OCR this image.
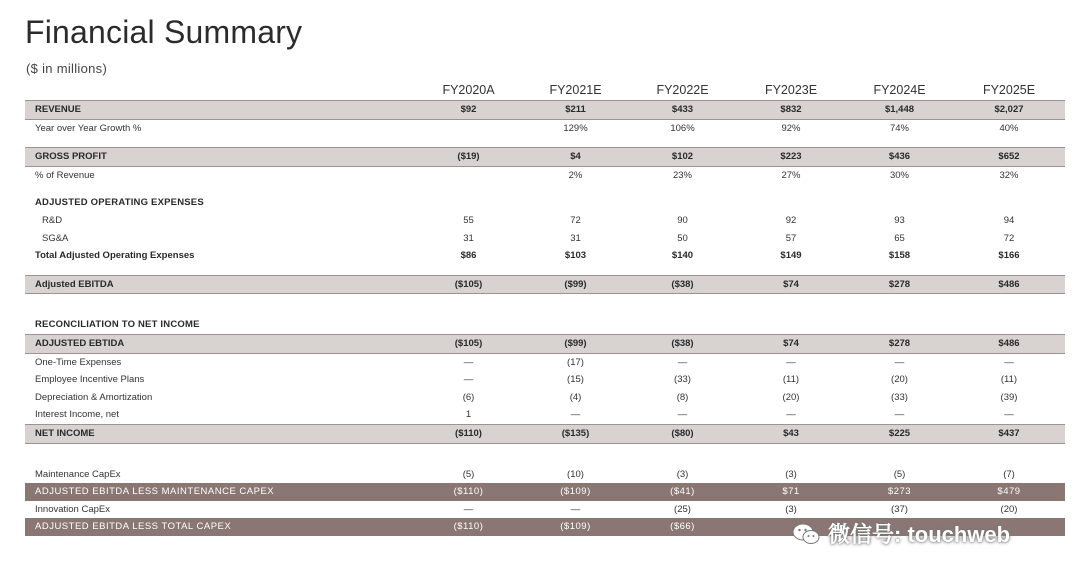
Financial Summary
($ in millions)
	FY2020A	FY2021E	FY2022E	FY2023E	FY2024E	FY2025E
REVENUE	$92	$211	$433	$832	$1,448	$2,027
Year over Year Growth %		129%	106%	92%	74%	40%

GROSS PROFIT	($19)	$4	$102	$223	$436	$652
% of Revenue		2%	23%	27%	30%	32%

ADJUSTED OPERATING EXPENSES						
R&D	55	72	90	92	93	94
SG&A	31	31	50	57	65	72
Total Adjusted Operating Expenses	$86	$103	$140	$149	$158	$166

Adjusted EBITDA	($105)	($99)	($38)	$74	$278	$486

RECONCILIATION TO NET INCOME						
ADJUSTED EBTIDA	($105)	($99)	($38)	$74	$278	$486
One-Time Expenses	—	(17)	—	—	—	—
Employee Incentive Plans	—	(15)	(33)	(11)	(20)	(11)
Depreciation & Amortization	(6)	(4)	(8)	(20)	(33)	(39)
Interest Income, net	1	—	—	—	—	—
NET INCOME	($110)	($135)	($80)	$43	$225	$437

Maintenance CapEx	(5)	(10)	(3)	(3)	(5)	(7)
ADJUSTED EBITDA LESS MAINTENANCE CAPEX	($110)	($109)	($41)	$71	$273	$479
Innovation CapEx	—	—	(25)	(3)	(37)	(20)
ADJUSTED EBITDA LESS TOTAL CAPEX	($110)	($109)	($66)				微信号: touchweb
